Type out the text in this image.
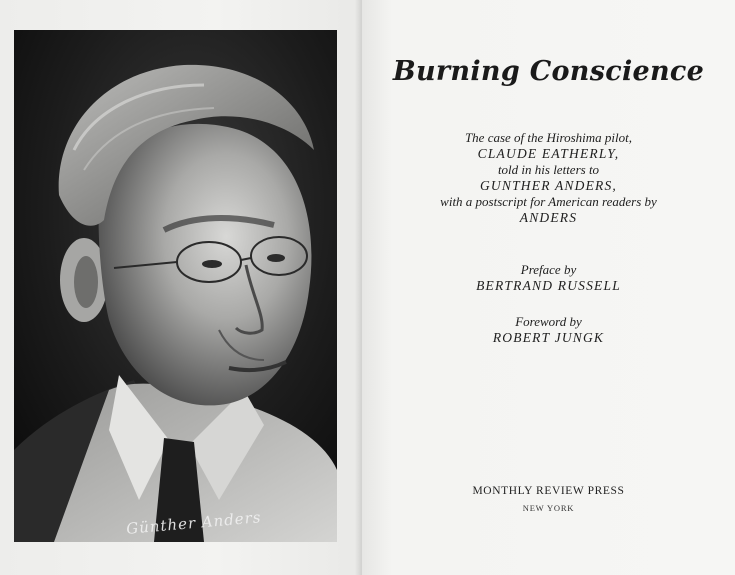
Günther Anders
Burning Conscience
The case of the Hiroshima pilot,
CLAUDE EATHERLY,
told in his letters to
GUNTHER ANDERS,
with a postscript for American readers by
ANDERS
Preface by
BERTRAND RUSSELL
Foreword by
ROBERT JUNGK
MONTHLY REVIEW PRESS
NEW YORK
